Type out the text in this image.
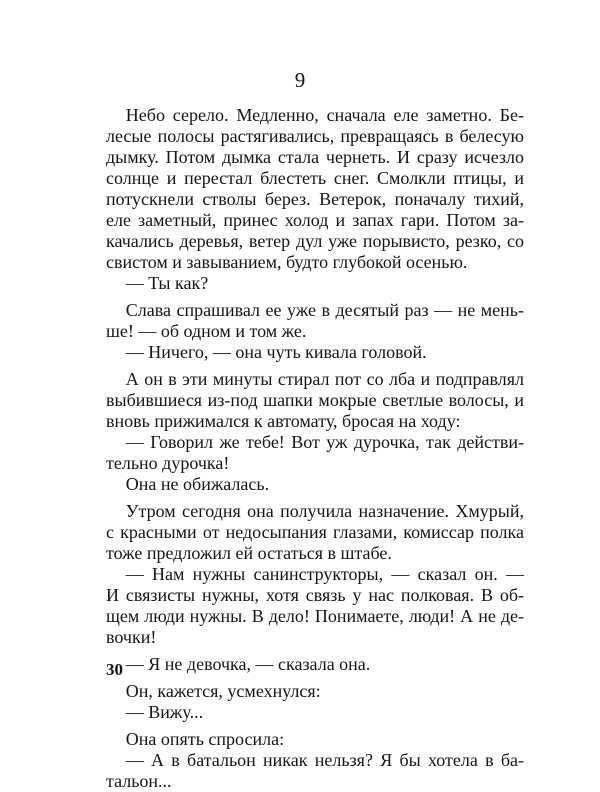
9
Небо серело. Медленно, сначала еле заметно. Бе-
лесые полосы растягивались, превращаясь в белесую
дымку. Потом дымка стала чернеть. И сразу исчезло
солнце и перестал блестеть снег. Смолкли птицы, и
потускнели стволы берез. Ветерок, поначалу тихий,
еле заметный, принес холод и запах гари. Потом за-
качались деревья, ветер дул уже порывисто, резко, со
свистом и завыванием, будто глубокой осенью.
— Ты как?
Слава спрашивал ее уже в десятый раз — не мень-
ше! — об одном и том же.
— Ничего, — она чуть кивала головой.
А он в эти минуты стирал пот со лба и подправлял
выбившиеся из-под шапки мокрые светлые волосы, и
вновь прижимался к автомату, бросая на ходу:
— Говорил же тебе! Вот уж дурочка, так действи-
тельно дурочка!
Она не обижалась.
Утром сегодня она получила назначение. Хмурый,
с красными от недосыпания глазами, комиссар полка
тоже предложил ей остаться в штабе.
— Нам нужны санинструкторы, — сказал он. —
И связисты нужны, хотя связь у нас полковая. В об-
щем люди нужны. В дело! Понимаете, люди! А не де-
вочки!
— Я не девочка, — сказала она.
Он, кажется, усмехнулся:
— Вижу...
Она опять спросила:
— А в батальон никак нельзя? Я бы хотела в ба-
тальон...
30
